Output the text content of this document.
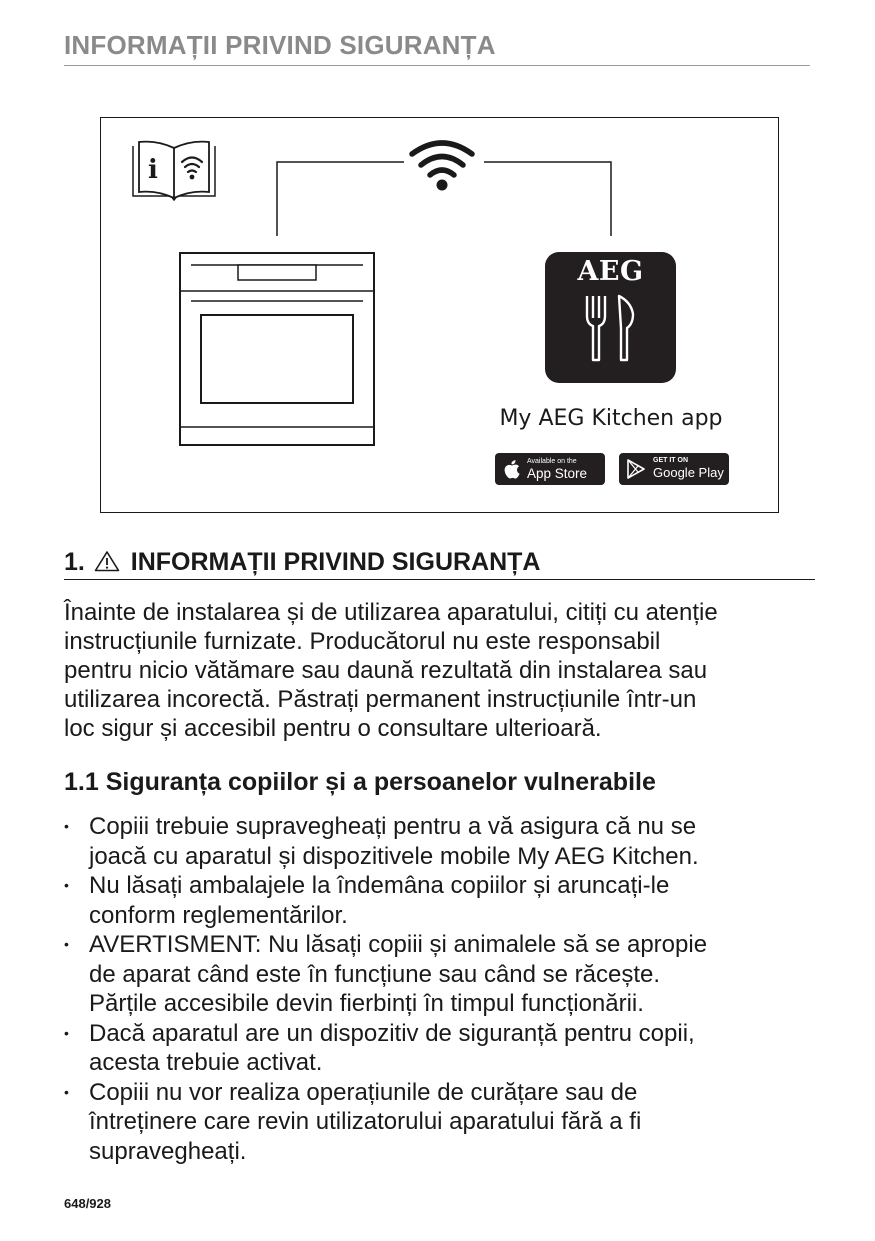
INFORMAȚII PRIVIND SIGURANȚA
i
AEG
My AEG Kitchen app
Available on the
App Store
GET IT ON
Google Play
1. INFORMAȚII PRIVIND SIGURANȚA
Înainte de instalarea și de utilizarea aparatului, citiți cu atenție
instrucțiunile furnizate. Producătorul nu este responsabil
pentru nicio vătămare sau daună rezultată din instalarea sau
utilizarea incorectă. Păstrați permanent instrucțiunile într-un
loc sigur și accesibil pentru o consultare ulterioară.
1.1 Siguranța copiilor și a persoanelor vulnerabile
• Copiii trebuie supravegheați pentru a vă asigura că nu se
joacă cu aparatul și dispozitivele mobile My AEG Kitchen.
• Nu lăsați ambalajele la îndemâna copiilor și aruncați-le
conform reglementărilor.
• AVERTISMENT: Nu lăsați copiii și animalele să se apropie
de aparat când este în funcțiune sau când se răcește.
Părțile accesibile devin fierbinți în timpul funcționării.
• Dacă aparatul are un dispozitiv de siguranță pentru copii,
acesta trebuie activat.
• Copiii nu vor realiza operațiunile de curățare sau de
întreținere care revin utilizatorului aparatului fără a fi
supravegheați.
648/928
